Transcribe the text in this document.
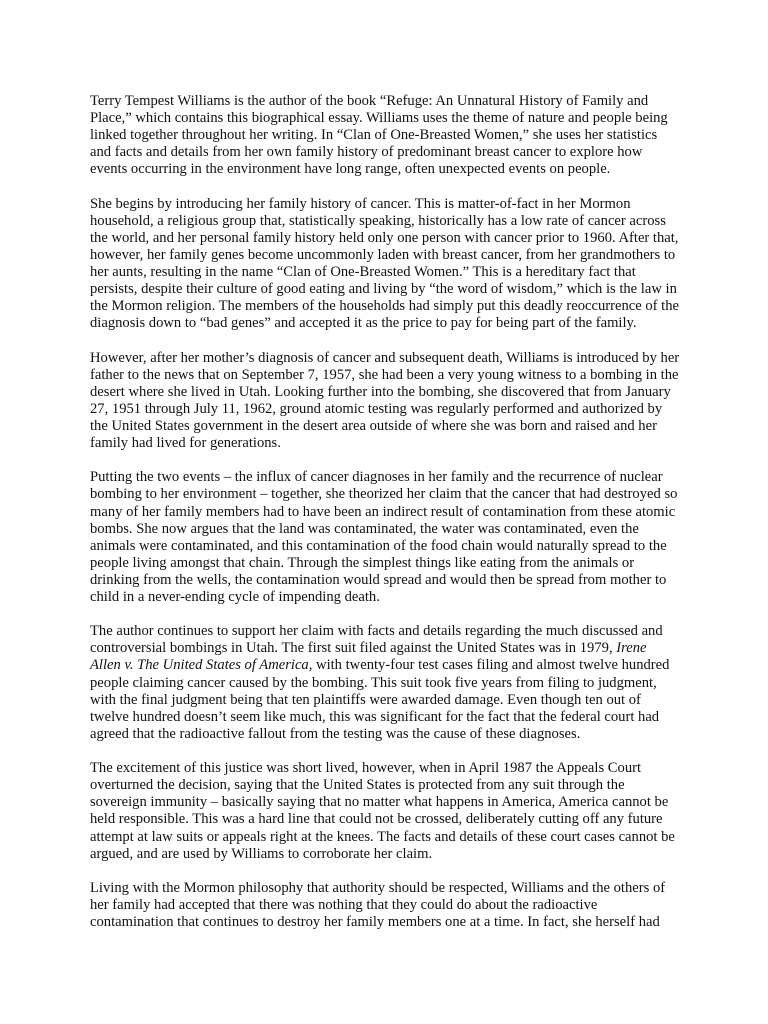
Terry Tempest Williams is the author of the book “Refuge: An Unnatural History of Family and Place,” which contains this biographical essay. Williams uses the theme of nature and people being linked together throughout her writing. In “Clan of One-Breasted Women,” she uses her statistics and facts and details from her own family history of predominant breast cancer to explore how events occurring in the environment have long range, often unexpected events on people.

She begins by introducing her family history of cancer. This is matter-of-fact in her Mormon household, a religious group that, statistically speaking, historically has a low rate of cancer across the world, and her personal family history held only one person with cancer prior to 1960. After that, however, her family genes become uncommonly laden with breast cancer, from her grandmothers to her aunts, resulting in the name “Clan of One-Breasted Women.” This is a hereditary fact that persists, despite their culture of good eating and living by “the word of wisdom,” which is the law in the Mormon religion. The members of the households had simply put this deadly reoccurrence of the diagnosis down to “bad genes” and accepted it as the price to pay for being part of the family.

However, after her mother’s diagnosis of cancer and subsequent death, Williams is introduced by her father to the news that on September 7, 1957, she had been a very young witness to a bombing in the desert where she lived in Utah. Looking further into the bombing, she discovered that from January 27, 1951 through July 11, 1962, ground atomic testing was regularly performed and authorized by the United States government in the desert area outside of where she was born and raised and her family had lived for generations.

Putting the two events – the influx of cancer diagnoses in her family and the recurrence of nuclear bombing to her environment – together, she theorized her claim that the cancer that had destroyed so many of her family members had to have been an indirect result of contamination from these atomic bombs. She now argues that the land was contaminated, the water was contaminated, even the animals were contaminated, and this contamination of the food chain would naturally spread to the people living amongst that chain. Through the simplest things like eating from the animals or drinking from the wells, the contamination would spread and would then be spread from mother to child in a never-ending cycle of impending death.

The author continues to support her claim with facts and details regarding the much discussed and controversial bombings in Utah. The first suit filed against the United States was in 1979, Irene Allen v. The United States of America, with twenty-four test cases filing and almost twelve hundred people claiming cancer caused by the bombing. This suit took five years from filing to judgment, with the final judgment being that ten plaintiffs were awarded damage. Even though ten out of twelve hundred doesn’t seem like much, this was significant for the fact that the federal court had agreed that the radioactive fallout from the testing was the cause of these diagnoses.

The excitement of this justice was short lived, however, when in April 1987 the Appeals Court overturned the decision, saying that the United States is protected from any suit through the sovereign immunity – basically saying that no matter what happens in America, America cannot be held responsible. This was a hard line that could not be crossed, deliberately cutting off any future attempt at law suits or appeals right at the knees. The facts and details of these court cases cannot be argued, and are used by Williams to corroborate her claim.

Living with the Mormon philosophy that authority should be respected, Williams and the others of her family had accepted that there was nothing that they could do about the radioactive contamination that continues to destroy her family members one at a time. In fact, she herself had
